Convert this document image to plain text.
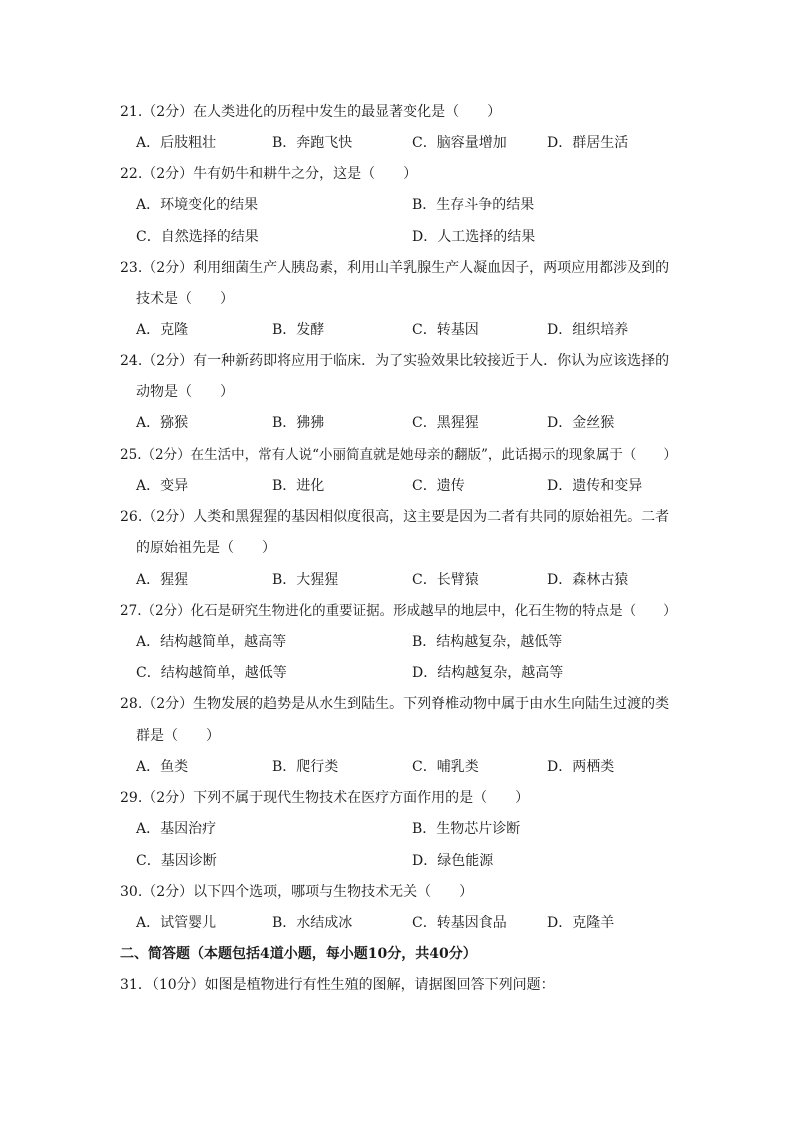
21.（2分）在人类进化的历程中发生的最显著变化是（　　）
A．后肢粗壮	B．奔跑飞快	C．脑容量增加	D．群居生活
22.（2分）牛有奶牛和耕牛之分，这是（　　）
A．环境变化的结果	B．生存斗争的结果
C．自然选择的结果	D．人工选择的结果
23.（2分）利用细菌生产人胰岛素，利用山羊乳腺生产人凝血因子，两项应用都涉及到的
技术是（　　）
A．克隆	B．发酵	C．转基因	D．组织培养
24.（2分）有一种新药即将应用于临床．为了实验效果比较接近于人．你认为应该选择的
动物是（　　）
A．猕猴	B．狒狒	C．黑猩猩	D．金丝猴
25.（2分）在生活中，常有人说“小丽简直就是她母亲的翻版”，此话揭示的现象属于（　　）
A．变异	B．进化	C．遗传	D．遗传和变异
26.（2分）人类和黑猩猩的基因相似度很高，这主要是因为二者有共同的原始祖先。二者
的原始祖先是（　　）
A．猩猩	B．大猩猩	C．长臂猿	D．森林古猿
27.（2分）化石是研究生物进化的重要证据。形成越早的地层中，化石生物的特点是（　　）
A．结构越简单，越高等	B．结构越复杂，越低等
C．结构越简单，越低等	D．结构越复杂，越高等
28.（2分）生物发展的趋势是从水生到陆生。下列脊椎动物中属于由水生向陆生过渡的类
群是（　　）
A．鱼类	B．爬行类	C．哺乳类	D．两栖类
29.（2分）下列不属于现代生物技术在医疗方面作用的是（　　）
A．基因治疗	B．生物芯片诊断
C．基因诊断	D．绿色能源
30.（2分）以下四个选项，哪项与生物技术无关（　　）
A．试管婴儿	B．水结成冰	C．转基因食品	D．克隆羊
二、简答题（本题包括4道小题，每小题10分，共40分）
31．（10分）如图是植物进行有性生殖的图解，请据图回答下列问题：
